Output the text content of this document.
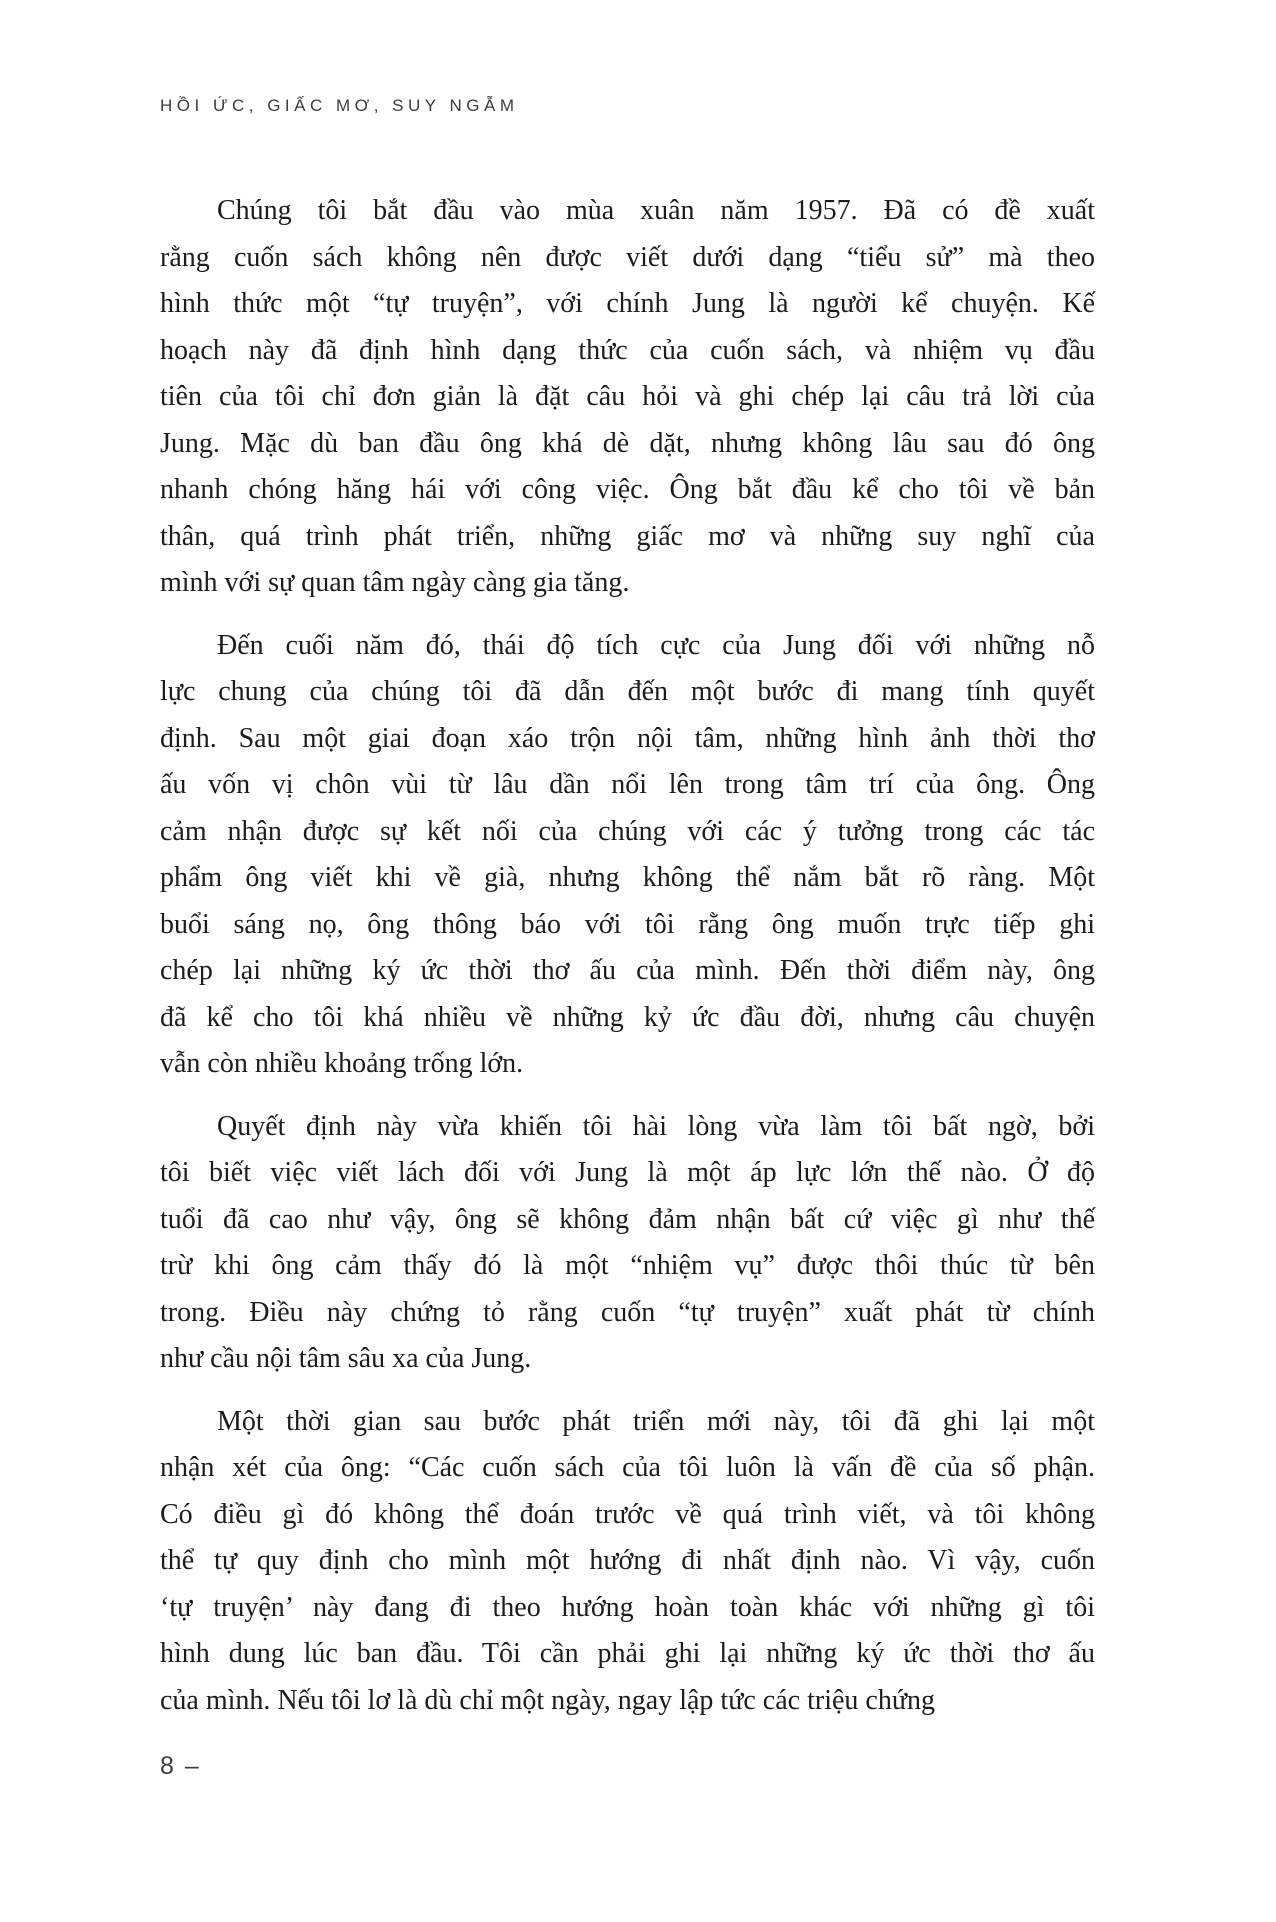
HỒI ỨC, GIẤC MƠ, SUY NGẪM
Chúng tôi bắt đầu vào mùa xuân năm 1957. Đã có đề xuất
rằng cuốn sách không nên được viết dưới dạng “tiểu sử” mà theo
hình thức một “tự truyện”, với chính Jung là người kể chuyện. Kế
hoạch này đã định hình dạng thức của cuốn sách, và nhiệm vụ đầu
tiên của tôi chỉ đơn giản là đặt câu hỏi và ghi chép lại câu trả lời của
Jung. Mặc dù ban đầu ông khá dè dặt, nhưng không lâu sau đó ông
nhanh chóng hăng hái với công việc. Ông bắt đầu kể cho tôi về bản
thân, quá trình phát triển, những giấc mơ và những suy nghĩ của
mình với sự quan tâm ngày càng gia tăng.
Đến cuối năm đó, thái độ tích cực của Jung đối với những nỗ
lực chung của chúng tôi đã dẫn đến một bước đi mang tính quyết
định. Sau một giai đoạn xáo trộn nội tâm, những hình ảnh thời thơ
ấu vốn vị chôn vùi từ lâu dần nổi lên trong tâm trí của ông. Ông
cảm nhận được sự kết nối của chúng với các ý tưởng trong các tác
phẩm ông viết khi về già, nhưng không thể nắm bắt rõ ràng. Một
buổi sáng nọ, ông thông báo với tôi rằng ông muốn trực tiếp ghi
chép lại những ký ức thời thơ ấu của mình. Đến thời điểm này, ông
đã kể cho tôi khá nhiều về những kỷ ức đầu đời, nhưng câu chuyện
vẫn còn nhiều khoảng trống lớn.
Quyết định này vừa khiến tôi hài lòng vừa làm tôi bất ngờ, bởi
tôi biết việc viết lách đối với Jung là một áp lực lớn thế nào. Ở độ
tuổi đã cao như vậy, ông sẽ không đảm nhận bất cứ việc gì như thế
trừ khi ông cảm thấy đó là một “nhiệm vụ” được thôi thúc từ bên
trong. Điều này chứng tỏ rằng cuốn “tự truyện” xuất phát từ chính
như cầu nội tâm sâu xa của Jung.
Một thời gian sau bước phát triển mới này, tôi đã ghi lại một
nhận xét của ông: “Các cuốn sách của tôi luôn là vấn đề của số phận.
Có điều gì đó không thể đoán trước về quá trình viết, và tôi không
thể tự quy định cho mình một hướng đi nhất định nào. Vì vậy, cuốn
‘tự truyện’ này đang đi theo hướng hoàn toàn khác với những gì tôi
hình dung lúc ban đầu. Tôi cần phải ghi lại những ký ức thời thơ ấu
của mình. Nếu tôi lơ là dù chỉ một ngày, ngay lập tức các triệu chứng
8 –
